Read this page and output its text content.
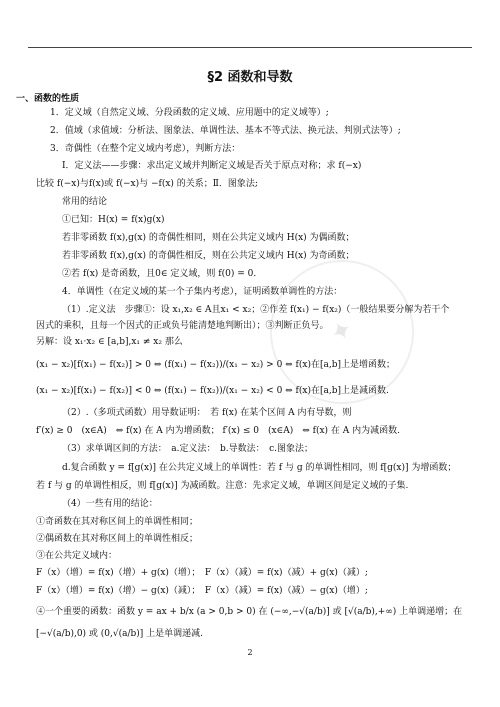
✦
§2 函数和导数
一、函数的性质
1．定义域（自然定义域、分段函数的定义域、应用题中的定义域等）;
2．值域（求值域：分析法、图象法、单调性法、基本不等式法、换元法、判别式法等）;
3．奇偶性（在整个定义域内考虑），判断方法：
Ⅰ．定义法——步骤：求出定义域并判断定义域是否关于原点对称；求 f(−x)
比较 f(−x)与f(x)或 f(−x)与 −f(x) 的关系；Ⅱ．图象法;
常用的结论
①已知：H(x) = f(x)g(x)
若非零函数 f(x),g(x) 的奇偶性相同，则在公共定义域内 H(x) 为偶函数；
若非零函数 f(x),g(x) 的奇偶性相反，则在公共定义域内 H(x) 为奇函数；
②若 f(x) 是奇函数，且0∈ 定义域，则 f(0) = 0．
4．单调性（在定义域的某一个子集内考虑），证明函数单调性的方法：
（1）.定义法　步骤①：设 x₁,x₂ ∈ A且x₁ < x₂；②作差 f(x₁) − f(x₂)（一般结果要分解为若干个
因式的乘积，且每一个因式的正或负号能清楚地判断出）；③判断正负号。
另解：设 x₁·x₂ ∈ [a,b],x₁ ≠ x₂ 那么
(x₁ − x₂)[f(x₁) − f(x₂)] > 0 ⇔ (f(x₁) − f(x₂))/(x₁ − x₂) > 0 ⇔ f(x)在[a,b]上是增函数；
(x₁ − x₂)[f(x₁) − f(x₂)] < 0 ⇔ (f(x₁) − f(x₂))/(x₁ − x₂) < 0 ⇔ f(x)在[a,b]上是减函数.
（2）.（多项式函数）用导数证明：　若 f(x) 在某个区间 A 内有导数，则
f′(x) ≥ 0　(x∈A)　⇔ f(x) 在 A 内为增函数； f′(x) ≤ 0　(x∈A)　⇔ f(x) 在 A 内为减函数.
（3）求单调区间的方法：　a.定义法：　b.导数法：　c.图象法；
d.复合函数 y = f[g(x)] 在公共定义域上的单调性：若 f 与 g 的单调性相同，则 f[g(x)] 为增函数；
若 f 与 g 的单调性相反，则 f[g(x)] 为减函数。注意：先求定义域，单调区间是定义域的子集.
（4）一些有用的结论：
①奇函数在其对称区间上的单调性相同；
②偶函数在其对称区间上的单调性相反；
③在公共定义域内：
F（x）（增）= f(x)（增）+ g(x)（增）；　F（x）（减）= f(x)（减）+ g(x)（减）;
F（x）（增）= f(x)（增）− g(x)（减）；　F（x）（减）= f(x)（减）− g(x)（增）;
④一个重要的函数：函数 y = ax + b/x (a > 0,b > 0) 在 (−∞,−√(a/b)] 或 [√(a/b),+∞) 上单调递增；在
[−√(a/b),0) 或 (0,√(a/b)] 上是单调递减.
2
